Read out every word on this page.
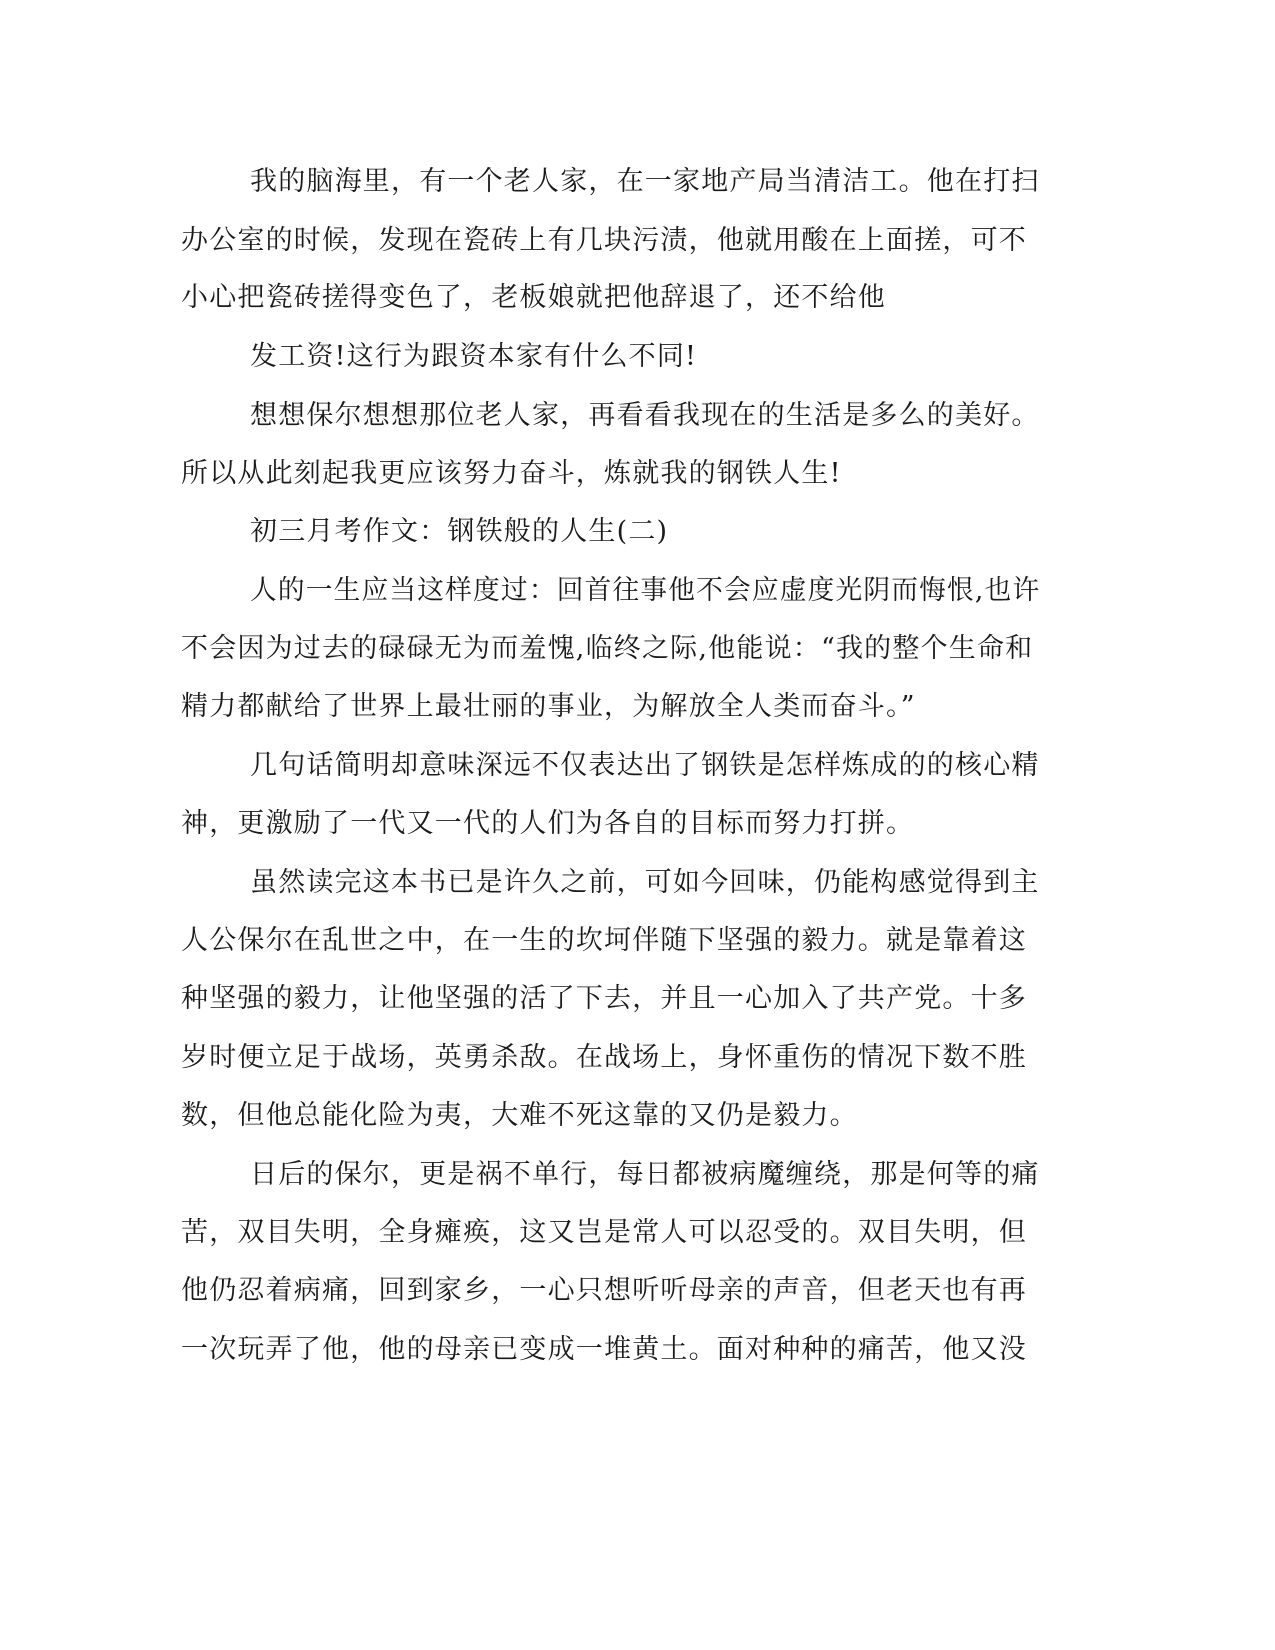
我的脑海里，有一个老人家，在一家地产局当清洁工。他在打扫
办公室的时候，发现在瓷砖上有几块污渍，他就用酸在上面搓，可不
小心把瓷砖搓得变色了，老板娘就把他辞退了，还不给他
发工资!这行为跟资本家有什么不同!
想想保尔想想那位老人家，再看看我现在的生活是多么的美好。
所以从此刻起我更应该努力奋斗，炼就我的钢铁人生!
初三月考作文：钢铁般的人生(二)
人的一生应当这样度过：回首往事他不会应虚度光阴而悔恨,也许
不会因为过去的碌碌无为而羞愧,临终之际,他能说：“我的整个生命和
精力都献给了世界上最壮丽的事业，为解放全人类而奋斗。”
几句话简明却意味深远不仅表达出了钢铁是怎样炼成的的核心精
神，更激励了一代又一代的人们为各自的目标而努力打拼。
虽然读完这本书已是许久之前，可如今回味，仍能构感觉得到主
人公保尔在乱世之中，在一生的坎坷伴随下坚强的毅力。就是靠着这
种坚强的毅力，让他坚强的活了下去，并且一心加入了共产党。十多
岁时便立足于战场，英勇杀敌。在战场上，身怀重伤的情况下数不胜
数，但他总能化险为夷，大难不死这靠的又仍是毅力。
日后的保尔，更是祸不单行，每日都被病魔缠绕，那是何等的痛
苦，双目失明，全身瘫痪，这又岂是常人可以忍受的。双目失明，但
他仍忍着病痛，回到家乡，一心只想听听母亲的声音，但老天也有再
一次玩弄了他，他的母亲已变成一堆黄土。面对种种的痛苦，他又没
